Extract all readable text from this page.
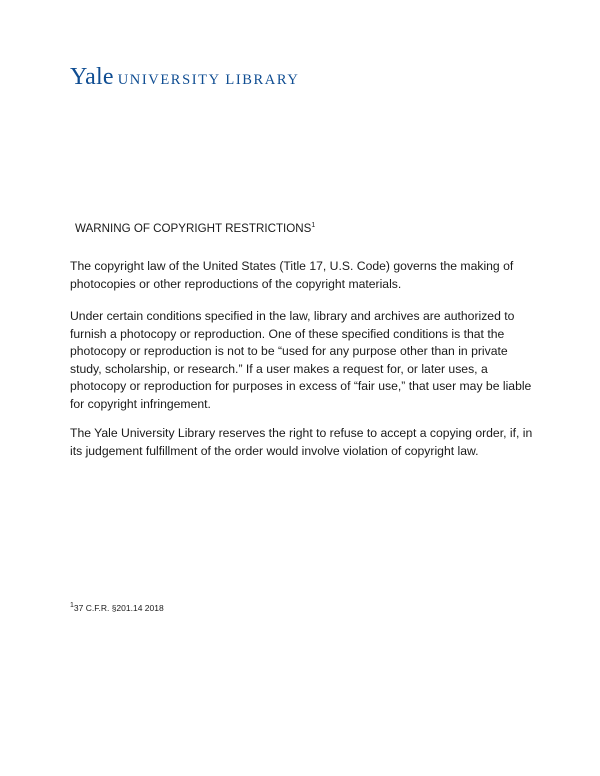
Yale UNIVERSITY LIBRARY
WARNING OF COPYRIGHT RESTRICTIONS$^1$

The copyright law of the United States (Title 17, U.S. Code) governs the making of photocopies or other reproductions of the copyright materials.

Under certain conditions specified in the law, library and archives are authorized to furnish a photocopy or reproduction. One of these specified conditions is that the photocopy or reproduction is not to be “used for any purpose other than in private study, scholarship, or research.” If a user makes a request for, or later uses, a photocopy or reproduction for purposes in excess of “fair use,” that user may be liable for copyright infringement.

The Yale University Library reserves the right to refuse to accept a copying order, if, in its judgement fulfillment of the order would involve violation of copyright law.

$^1$37 C.F.R. §201.14 2018
